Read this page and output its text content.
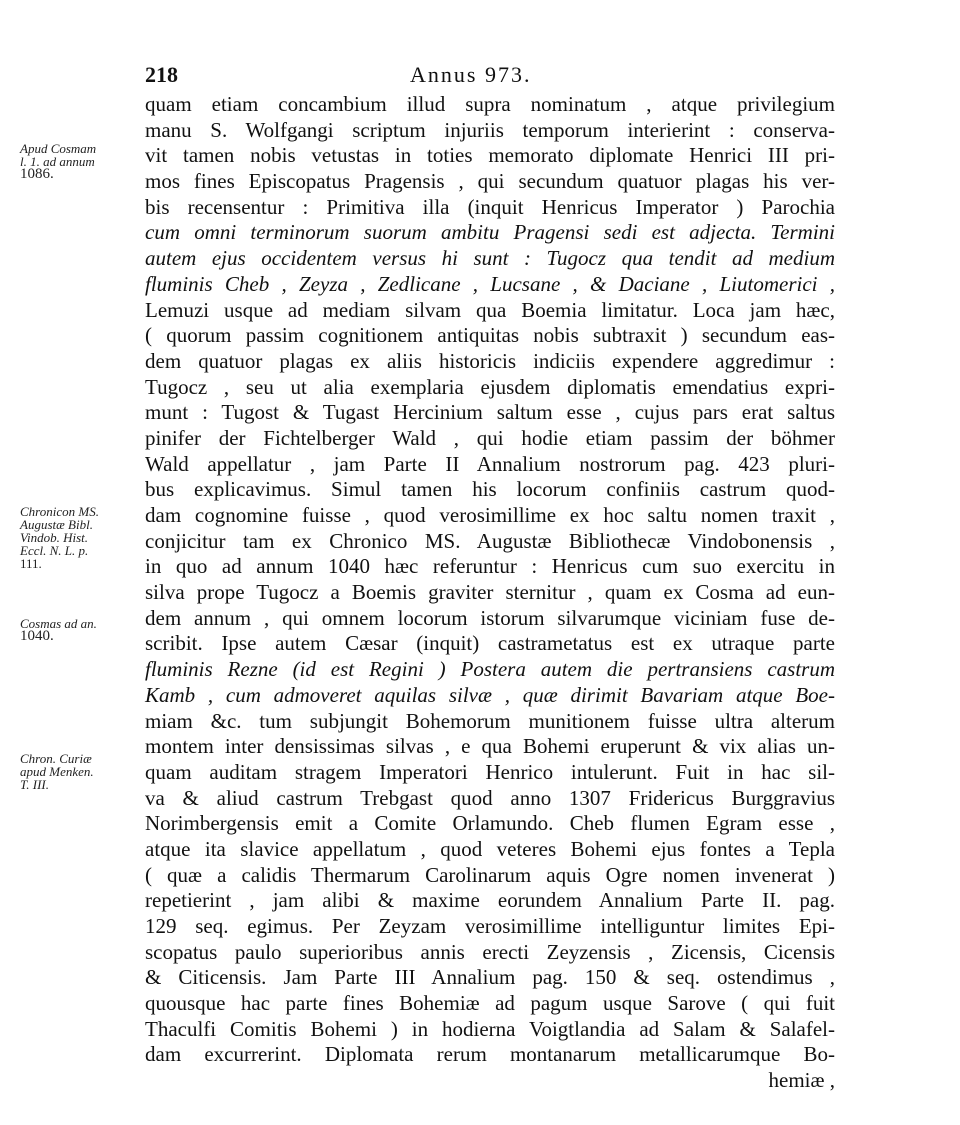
218	Annus 973.
quam etiam concambium illud supra nominatum , atque privilegium
manu S. Wolfgangi scriptum injuriis temporum interierint : conserva-
vit tamen nobis vetustas in toties memorato diplomate Henrici III pri-
mos fines Episcopatus Pragensis , qui secundum quatuor plagas his ver-
bis recensentur : Primitiva illa (inquit Henricus Imperator ) Parochia
cum omni terminorum suorum ambitu Pragensi sedi est adjecta. Termini
autem ejus occidentem versus hi sunt : Tugocz qua tendit ad medium
fluminis Cheb , Zeyza , Zedlicane , Lucsane , & Daciane , Liutomerici ,
Lemuzi usque ad mediam silvam qua Boemia limitatur. Loca jam hæc,
( quorum passim cognitionem antiquitas nobis subtraxit ) secundum eas-
dem quatuor plagas ex aliis historicis indiciis expendere aggredimur :
Tugocz , seu ut alia exemplaria ejusdem diplomatis emendatius expri-
munt : Tugost & Tugast Hercinium saltum esse , cujus pars erat saltus
pinifer der Fichtelberger Wald , qui hodie etiam passim der böhmer
Wald appellatur , jam Parte II Annalium nostrorum pag. 423 pluri-
bus explicavimus. Simul tamen his locorum confiniis castrum quod-
dam cognomine fuisse , quod verosimillime ex hoc saltu nomen traxit ,
conjicitur tam ex Chronico MS. Augustæ Bibliothecæ Vindobonensis ,
in quo ad annum 1040 hæc referuntur : Henricus cum suo exercitu in
silva prope Tugocz a Boemis graviter sternitur , quam ex Cosma ad eun-
dem annum , qui omnem locorum istorum silvarumque viciniam fuse de-
scribit. Ipse autem Cæsar (inquit) castrametatus est ex utraque parte
fluminis Rezne (id est Regini ) Postera autem die pertransiens castrum
Kamb , cum admoveret aquilas silvæ , quæ dirimit Bavariam atque Boe-
miam &c. tum subjungit Bohemorum munitionem fuisse ultra alterum
montem inter densissimas silvas , e qua Bohemi eruperunt & vix alias un-
quam auditam stragem Imperatori Henrico intulerunt. Fuit in hac sil-
va & aliud castrum Trebgast quod anno 1307 Fridericus Burggravius
Norimbergensis emit a Comite Orlamundo. Cheb flumen Egram esse ,
atque ita slavice appellatum , quod veteres Bohemi ejus fontes a Tepla
( quæ a calidis Thermarum Carolinarum aquis Ogre nomen invenerat )
repetierint , jam alibi & maxime eorundem Annalium Parte II. pag.
129 seq. egimus. Per Zeyzam verosimillime intelliguntur limites Epi-
scopatus paulo superioribus annis erecti Zeyzensis , Zicensis, Cicensis
& Citicensis. Jam Parte III Annalium pag. 150 & seq. ostendimus ,
quousque hac parte fines Bohemiæ ad pagum usque Sarove ( qui fuit
Thaculfi Comitis Bohemi ) in hodierna Voigtlandia ad Salam & Salafel-
dam excurrerint. Diplomata rerum montanarum metallicarumque Bo-
hemiæ ,
Apud Cosmam
l. 1. ad annum
1086.
Chronicon MS.
Augustæ Bibl.
Vindob. Hist.
Eccl. N. L. p.
111.
Cosmas ad an.
1040.
Chron. Curiæ
apud Menken.
T. III.
